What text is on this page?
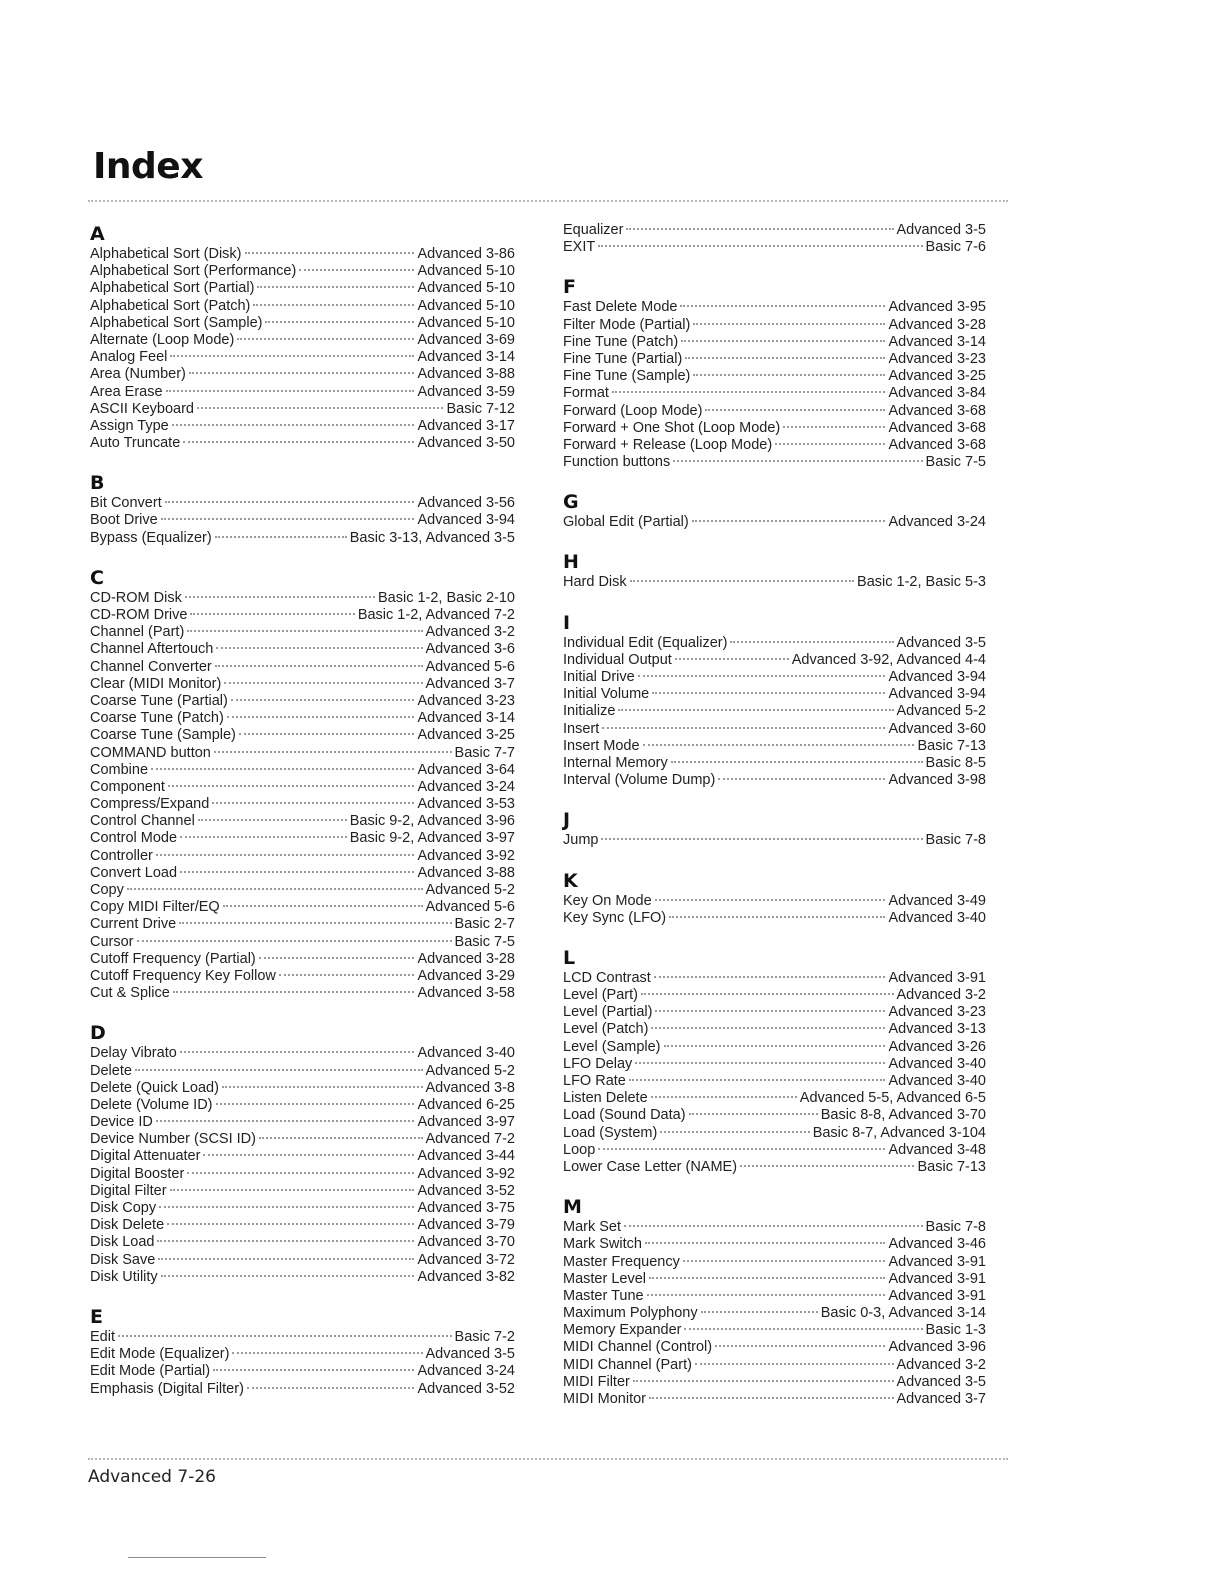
Index
A
Alphabetical Sort (Disk)	Advanced 3-86
Alphabetical Sort (Performance)	Advanced 5-10
Alphabetical Sort (Partial)	Advanced 5-10
Alphabetical Sort (Patch)	Advanced 5-10
Alphabetical Sort (Sample)	Advanced 5-10
Alternate (Loop Mode)	Advanced 3-69
Analog Feel	Advanced 3-14
Area (Number)	Advanced 3-88
Area Erase	Advanced 3-59
ASCII Keyboard	Basic 7-12
Assign Type	Advanced 3-17
Auto Truncate	Advanced 3-50
B
Bit Convert	Advanced 3-56
Boot Drive	Advanced 3-94
Bypass (Equalizer)	Basic 3-13, Advanced 3-5
C
CD-ROM Disk	Basic 1-2, Basic 2-10
CD-ROM Drive	Basic 1-2, Advanced 7-2
Channel (Part)	Advanced 3-2
Channel Aftertouch	Advanced 3-6
Channel Converter	Advanced 5-6
Clear (MIDI Monitor)	Advanced 3-7
Coarse Tune (Partial)	Advanced 3-23
Coarse Tune (Patch)	Advanced 3-14
Coarse Tune (Sample)	Advanced 3-25
COMMAND button	Basic 7-7
Combine	Advanced 3-64
Component	Advanced 3-24
Compress/Expand	Advanced 3-53
Control Channel	Basic 9-2, Advanced 3-96
Control Mode	Basic 9-2, Advanced 3-97
Controller	Advanced 3-92
Convert Load	Advanced 3-88
Copy	Advanced 5-2
Copy MIDI Filter/EQ	Advanced 5-6
Current Drive	Basic 2-7
Cursor	Basic 7-5
Cutoff Frequency (Partial)	Advanced 3-28
Cutoff Frequency Key Follow	Advanced 3-29
Cut & Splice	Advanced 3-58
D
Delay Vibrato	Advanced 3-40
Delete	Advanced 5-2
Delete (Quick Load)	Advanced 3-8
Delete (Volume ID)	Advanced 6-25
Device ID	Advanced 3-97
Device Number (SCSI ID)	Advanced 7-2
Digital Attenuater	Advanced 3-44
Digital Booster	Advanced 3-92
Digital Filter	Advanced 3-52
Disk Copy	Advanced 3-75
Disk Delete	Advanced 3-79
Disk Load	Advanced 3-70
Disk Save	Advanced 3-72
Disk Utility	Advanced 3-82
E
Edit	Basic 7-2
Edit Mode (Equalizer)	Advanced 3-5
Edit Mode (Partial)	Advanced 3-24
Emphasis (Digital Filter)	Advanced 3-52
Equalizer	Advanced 3-5
EXIT	Basic 7-6
F
Fast Delete Mode	Advanced 3-95
Filter Mode (Partial)	Advanced 3-28
Fine Tune (Patch)	Advanced 3-14
Fine Tune (Partial)	Advanced 3-23
Fine Tune (Sample)	Advanced 3-25
Format	Advanced 3-84
Forward (Loop Mode)	Advanced 3-68
Forward + One Shot (Loop Mode)	Advanced 3-68
Forward + Release (Loop Mode)	Advanced 3-68
Function buttons	Basic 7-5
G
Global Edit (Partial)	Advanced 3-24
H
Hard Disk	Basic 1-2, Basic 5-3
I
Individual Edit (Equalizer)	Advanced 3-5
Individual Output	Advanced 3-92, Advanced 4-4
Initial Drive	Advanced 3-94
Initial Volume	Advanced 3-94
Initialize	Advanced 5-2
Insert	Advanced 3-60
Insert Mode	Basic 7-13
Internal Memory	Basic 8-5
Interval (Volume Dump)	Advanced 3-98
J
Jump	Basic 7-8
K
Key On Mode	Advanced 3-49
Key Sync (LFO)	Advanced 3-40
L
LCD Contrast	Advanced 3-91
Level (Part)	Advanced 3-2
Level (Partial)	Advanced 3-23
Level (Patch)	Advanced 3-13
Level (Sample)	Advanced 3-26
LFO Delay	Advanced 3-40
LFO Rate	Advanced 3-40
Listen Delete	Advanced 5-5, Advanced 6-5
Load (Sound Data)	Basic 8-8, Advanced 3-70
Load (System)	Basic 8-7, Advanced 3-104
Loop	Advanced 3-48
Lower Case Letter (NAME)	Basic 7-13
M
Mark Set	Basic 7-8
Mark Switch	Advanced 3-46
Master Frequency	Advanced 3-91
Master Level	Advanced 3-91
Master Tune	Advanced 3-91
Maximum Polyphony	Basic 0-3, Advanced 3-14
Memory Expander	Basic 1-3
MIDI Channel (Control)	Advanced 3-96
MIDI Channel (Part)	Advanced 3-2
MIDI Filter	Advanced 3-5
MIDI Monitor	Advanced 3-7
Advanced 7-26
